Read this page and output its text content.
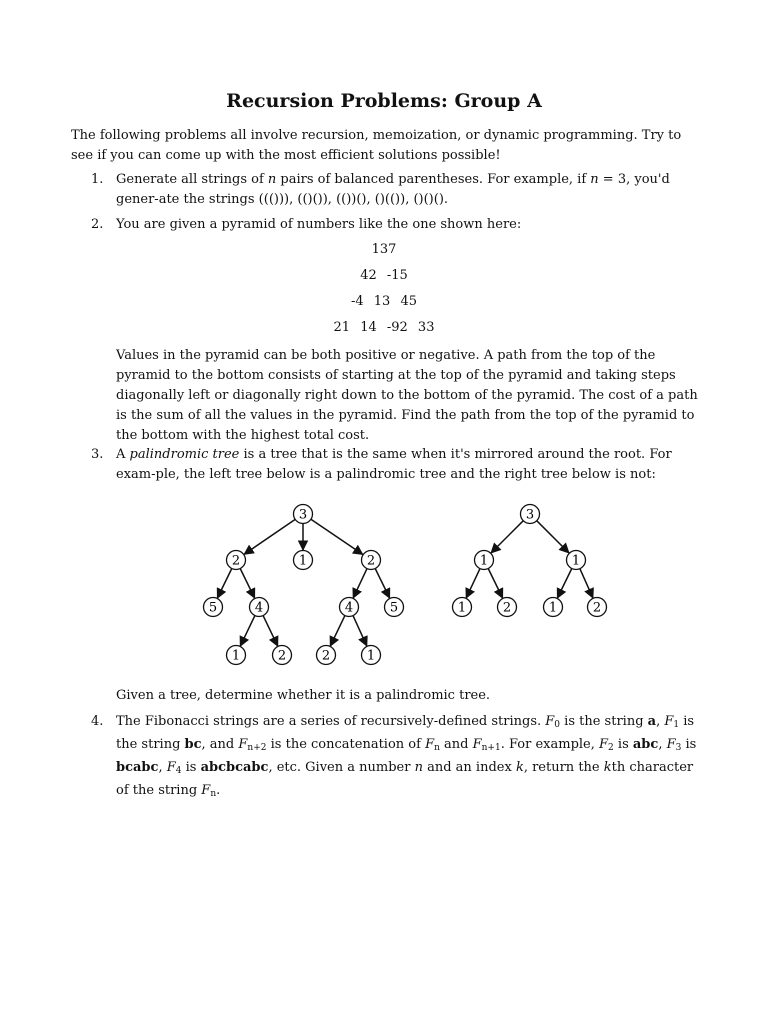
Recursion Problems: Group A

The following problems all involve recursion, memoization, or dynamic programming. Try to see if you can come up with the most efficient solutions possible!

1. Generate all strings of n pairs of balanced parentheses. For example, if n = 3, you'd gener-ate the strings ((())), (()()), (())(), ()(()), ()()().
2. You are given a pyramid of numbers like the one shown here:
137
42 -15
-4 13 45
21 14 -92 33
Values in the pyramid can be both positive or negative. A path from the top of the pyramid to the bottom consists of starting at the top of the pyramid and taking steps diagonally left or diagonally right down to the bottom of the pyramid. The cost of a path is the sum of all the values in the pyramid. Find the path from the top of the pyramid to the bottom with the highest total cost.
3. A palindromic tree is a tree that is the same when it's mirrored around the root. For exam-ple, the left tree below is a palindromic tree and the right tree below is not:
3
2	1	2
5	4	4	5
1	2	2	1
3
1	1
1	2	1	2
Given a tree, determine whether it is a palindromic tree.
4. The Fibonacci strings are a series of recursively-defined strings. $F_0$ is the string a, $F_1$ is the string bc, and $F_{n+2}$ is the concatenation of $F_n$ and $F_{n+1}$. For example, $F_2$ is abc, $F_3$ is bcabc, $F_4$ is abcbcabc, etc. Given a number n and an index k, return the kth character of the string $F_n$.
